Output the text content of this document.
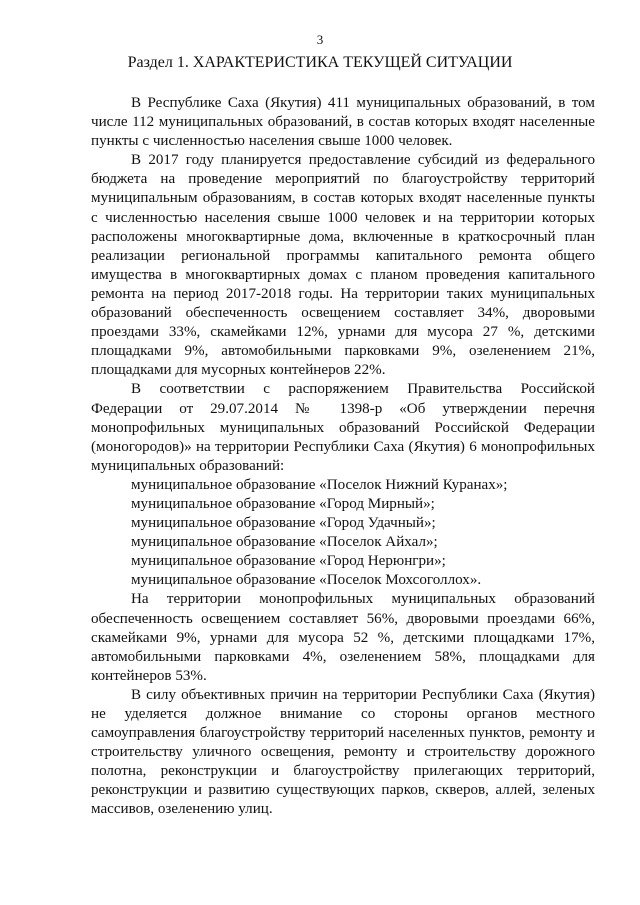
3
Раздел 1. ХАРАКТЕРИСТИКА ТЕКУЩЕЙ СИТУАЦИИ

В Республике Саха (Якутия) 411 муниципальных образований, в том числе 112 муниципальных образований, в состав которых входят населенные пункты с численностью населения свыше 1000 человек.

В 2017 году планируется предоставление субсидий из федерального бюджета на проведение мероприятий по благоустройству территорий муниципальным образованиям, в состав которых входят населенные пункты с численностью населения свыше 1000 человек и на территории которых расположены многоквартирные дома, включенные в краткосрочный план реализации региональной программы капитального ремонта общего имущества в многоквартирных домах с планом проведения капитального ремонта на период 2017-2018 годы. На территории таких муниципальных образований обеспеченность освещением составляет 34%, дворовыми проездами 33%, скамейками 12%, урнами для мусора 27 %, детскими площадками 9%, автомобильными парковками 9%, озеленением 21%, площадками для мусорных контейнеров 22%.

В соответствии с распоряжением Правительства Российской Федерации от 29.07.2014 № 1398-р «Об утверждении перечня монопрофильных муниципальных образований Российской Федерации (моногородов)» на территории Республики Саха (Якутия) 6 монопрофильных муниципальных образований:

муниципальное образование «Поселок Нижний Куранах»;

муниципальное образование «Город Мирный»;

муниципальное образование «Город Удачный»;

муниципальное образование «Поселок Айхал»;

муниципальное образование «Город Нерюнгри»;

муниципальное образование «Поселок Мохсоголлох».

На территории монопрофильных муниципальных образований обеспеченность освещением составляет 56%, дворовыми проездами 66%, скамейками 9%, урнами для мусора 52 %, детскими площадками 17%, автомобильными парковками 4%, озеленением 58%, площадками для контейнеров 53%.

В силу объективных причин на территории Республики Саха (Якутия) не уделяется должное внимание со стороны органов местного самоуправления благоустройству территорий населенных пунктов, ремонту и строительству уличного освещения, ремонту и строительству дорожного полотна, реконструкции и благоустройству прилегающих территорий, реконструкции и развитию существующих парков, скверов, аллей, зеленых массивов, озеленению улиц.
